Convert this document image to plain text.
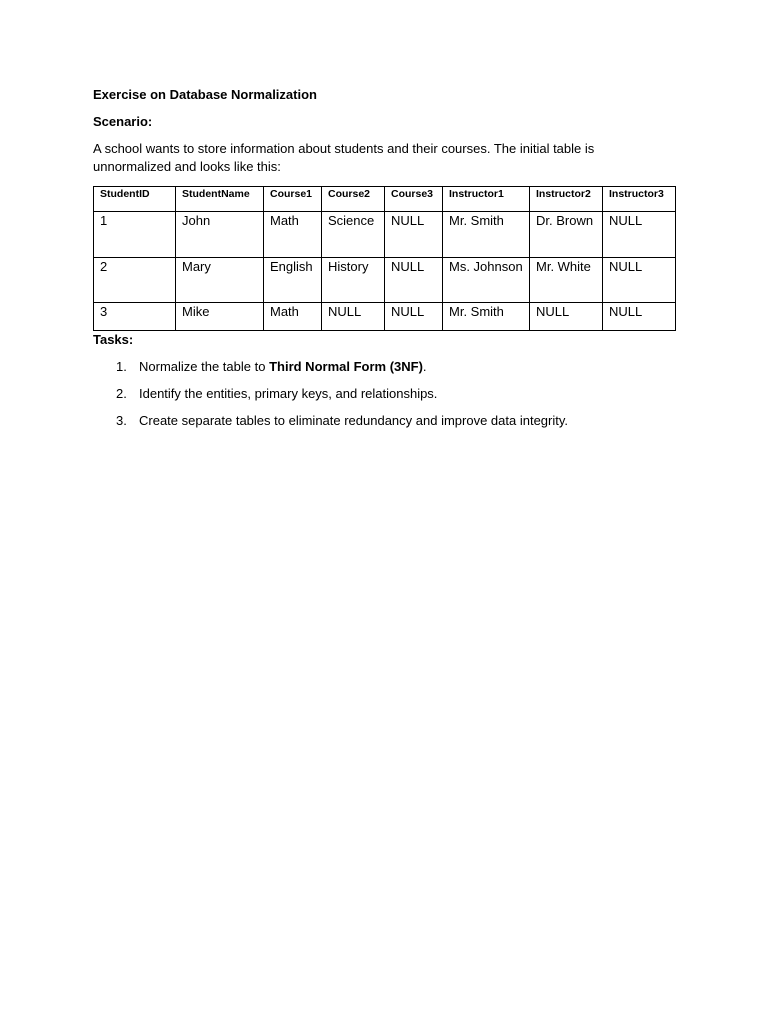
Exercise on Database Normalization

Scenario:

A school wants to store information about students and their courses. The initial table is unnormalized and looks like this:

StudentID	StudentName	Course1	Course2	Course3	Instructor1	Instructor2	Instructor3
1	John	Math	Science	NULL	Mr. Smith	Dr. Brown	NULL
2	Mary	English	History	NULL	Ms. Johnson	Mr. White	NULL
3	Mike	Math	NULL	NULL	Mr. Smith	NULL	NULL

Tasks:

1. Normalize the table to Third Normal Form (3NF).
2. Identify the entities, primary keys, and relationships.
3. Create separate tables to eliminate redundancy and improve data integrity.
